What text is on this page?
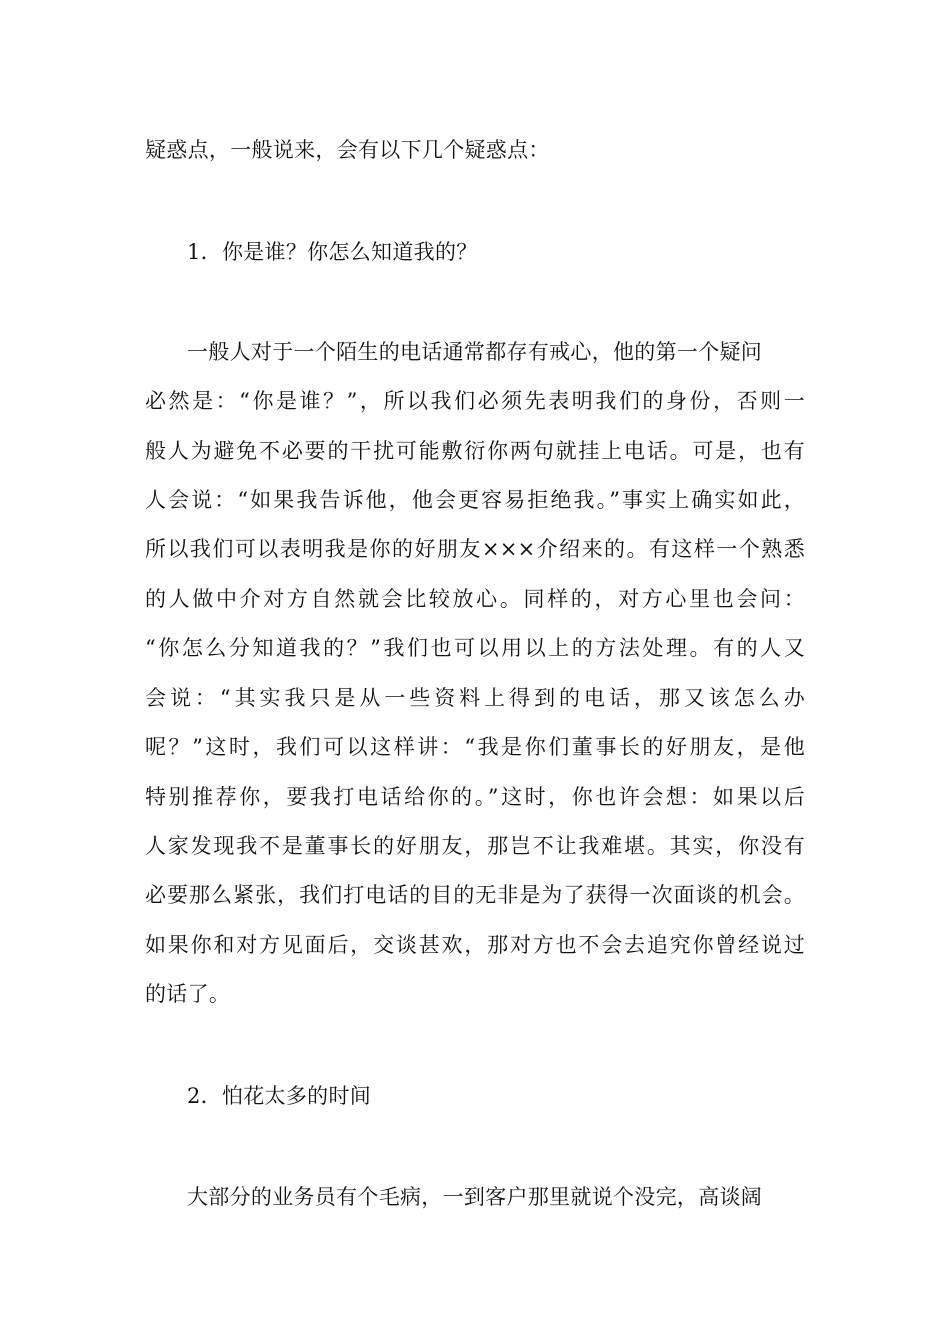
疑惑点，一般说来，会有以下几个疑惑点：
1．你是谁？你怎么知道我的？
一般人对于一个陌生的电话通常都存有戒心，他的第一个疑问
必然是：“你是谁？”，所以我们必须先表明我们的身份，否则一
般人为避免不必要的干扰可能敷衍你两句就挂上电话。可是，也有
人会说：“如果我告诉他，他会更容易拒绝我。”事实上确实如此，
所以我们可以表明我是你的好朋友×××介绍来的。有这样一个熟悉
的人做中介对方自然就会比较放心。同样的，对方心里也会问：
“你怎么分知道我的？”我们也可以用以上的方法处理。有的人又
会说：“其实我只是从一些资料上得到的电话，那又该怎么办
呢？”这时，我们可以这样讲：“我是你们董事长的好朋友，是他
特别推荐你，要我打电话给你的。”这时，你也许会想：如果以后
人家发现我不是董事长的好朋友，那岂不让我难堪。其实，你没有
必要那么紧张，我们打电话的目的无非是为了获得一次面谈的机会。
如果你和对方见面后，交谈甚欢，那对方也不会去追究你曾经说过
的话了。
2．怕花太多的时间
大部分的业务员有个毛病，一到客户那里就说个没完，高谈阔
